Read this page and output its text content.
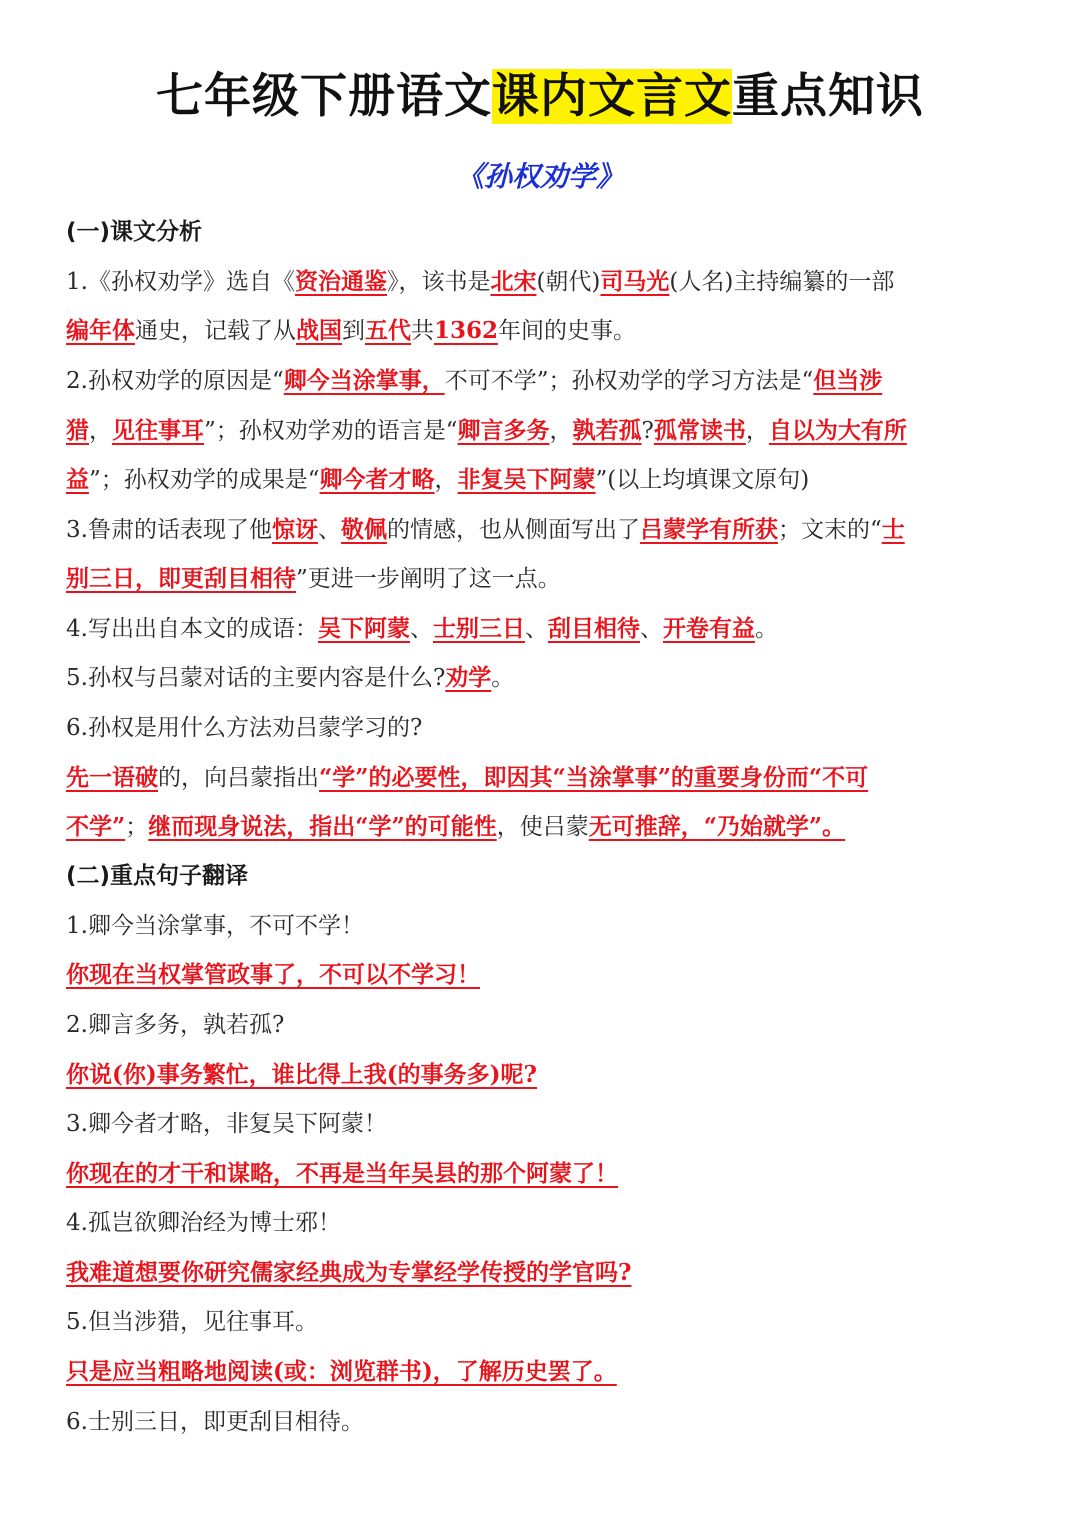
七年级下册语文课内文言文重点知识
《孙权劝学》
(一)课文分析
1.《孙权劝学》选自《资治通鉴》，该书是北宋(朝代)司马光(人名)主持编纂的一部
编年体通史，记载了从战国到五代共1362年间的史事。
2.孙权劝学的原因是“卿今当涂掌事，不可不学”；孙权劝学的学习方法是“但当涉
猎，见往事耳”；孙权劝学劝的语言是“卿言多务，孰若孤?孤常读书，自以为大有所
益”；孙权劝学的成果是“卿今者才略，非复吴下阿蒙”(以上均填课文原句)
3.鲁肃的话表现了他惊讶、敬佩的情感，也从侧面写出了吕蒙学有所获；文末的“士
别三日，即更刮目相待”更进一步阐明了这一点。
4.写出出自本文的成语：吴下阿蒙、士别三日、刮目相待、开卷有益。
5.孙权与吕蒙对话的主要内容是什么?劝学。
6.孙权是用什么方法劝吕蒙学习的?
先一语破的，向吕蒙指出“学”的必要性，即因其“当涂掌事”的重要身份而“不可
不学”；继而现身说法，指出“学”的可能性，使吕蒙无可推辞，“乃始就学”。
(二)重点句子翻译
1.卿今当涂掌事，不可不学！
你现在当权掌管政事了，不可以不学习！
2.卿言多务，孰若孤?
你说(你)事务繁忙，谁比得上我(的事务多)呢?
3.卿今者才略，非复吴下阿蒙！
你现在的才干和谋略，不再是当年吴县的那个阿蒙了！
4.孤岂欲卿治经为博士邪！
我难道想要你研究儒家经典成为专掌经学传授的学官吗?
5.但当涉猎，见往事耳。
只是应当粗略地阅读(或：浏览群书)，了解历史罢了。
6.士别三日，即更刮目相待。
